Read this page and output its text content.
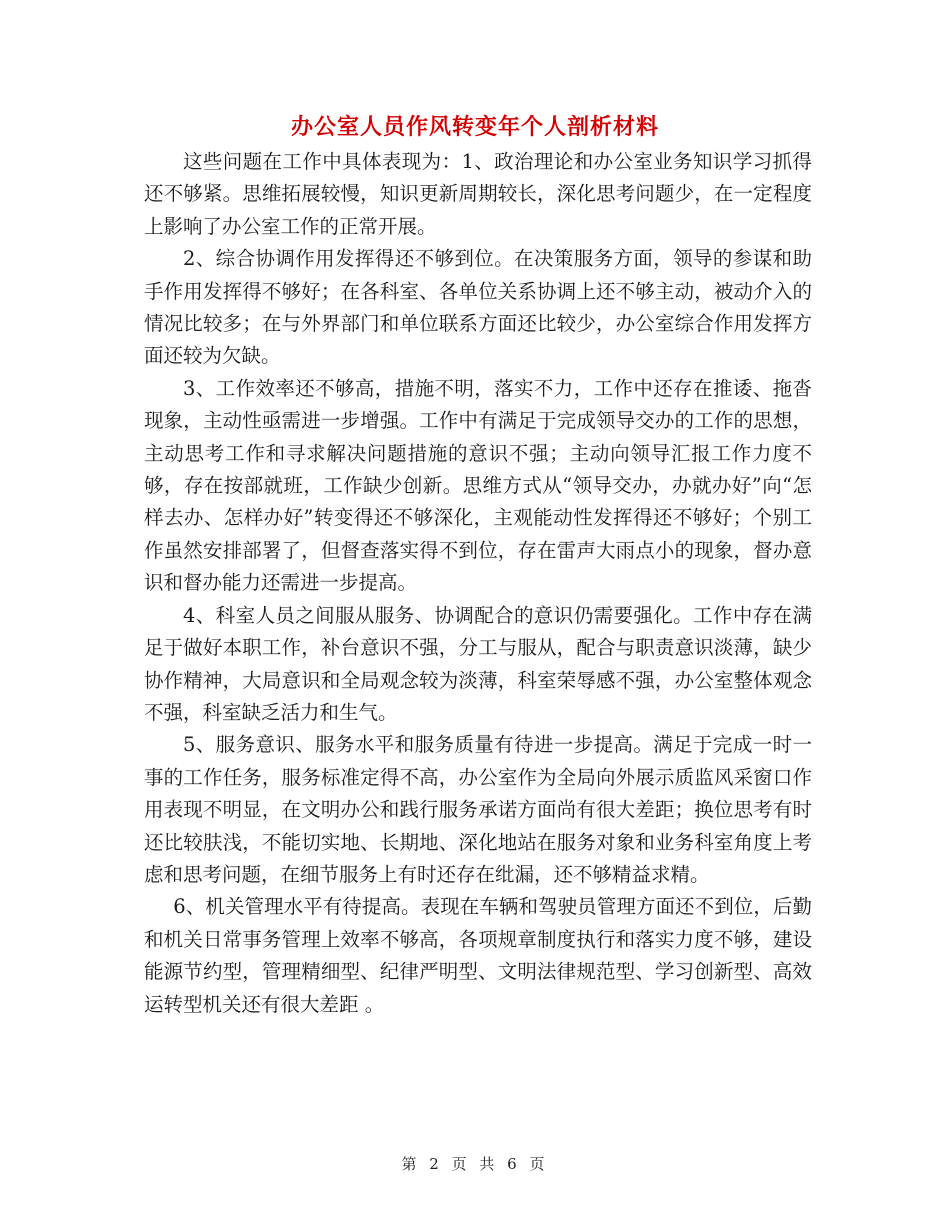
办公室人员作风转变年个人剖析材料

这些问题在工作中具体表现为：1、政治理论和办公室业务知识学习抓得还不够紧。思维拓展较慢，知识更新周期较长，深化思考问题少，在一定程度上影响了办公室工作的正常开展。

2、综合协调作用发挥得还不够到位。在决策服务方面，领导的参谋和助手作用发挥得不够好；在各科室、各单位关系协调上还不够主动，被动介入的情况比较多；在与外界部门和单位联系方面还比较少，办公室综合作用发挥方面还较为欠缺。

3、工作效率还不够高，措施不明，落实不力，工作中还存在推诿、拖沓现象，主动性亟需进一步增强。工作中有满足于完成领导交办的工作的思想，主动思考工作和寻求解决问题措施的意识不强；主动向领导汇报工作力度不够，存在按部就班，工作缺少创新。思维方式从“领导交办，办就办好”向“怎样去办、怎样办好”转变得还不够深化，主观能动性发挥得还不够好；个别工作虽然安排部署了，但督查落实得不到位，存在雷声大雨点小的现象，督办意识和督办能力还需进一步提高。

4、科室人员之间服从服务、协调配合的意识仍需要强化。工作中存在满足于做好本职工作，补台意识不强，分工与服从，配合与职责意识淡薄，缺少协作精神，大局意识和全局观念较为淡薄，科室荣辱感不强，办公室整体观念不强，科室缺乏活力和生气。

5、服务意识、服务水平和服务质量有待进一步提高。满足于完成一时一事的工作任务，服务标准定得不高，办公室作为全局向外展示质监风采窗口作用表现不明显，在文明办公和践行服务承诺方面尚有很大差距；换位思考有时还比较肤浅，不能切实地、长期地、深化地站在服务对象和业务科室角度上考虑和思考问题，在细节服务上有时还存在纰漏，还不够精益求精。

6、机关管理水平有待提高。表现在车辆和驾驶员管理方面还不到位，后勤和机关日常事务管理上效率不够高，各项规章制度执行和落实力度不够，建设能源节约型，管理精细型、纪律严明型、文明法律规范型、学习创新型、高效运转型机关还有很大差距 。

第 2 页 共 6 页
